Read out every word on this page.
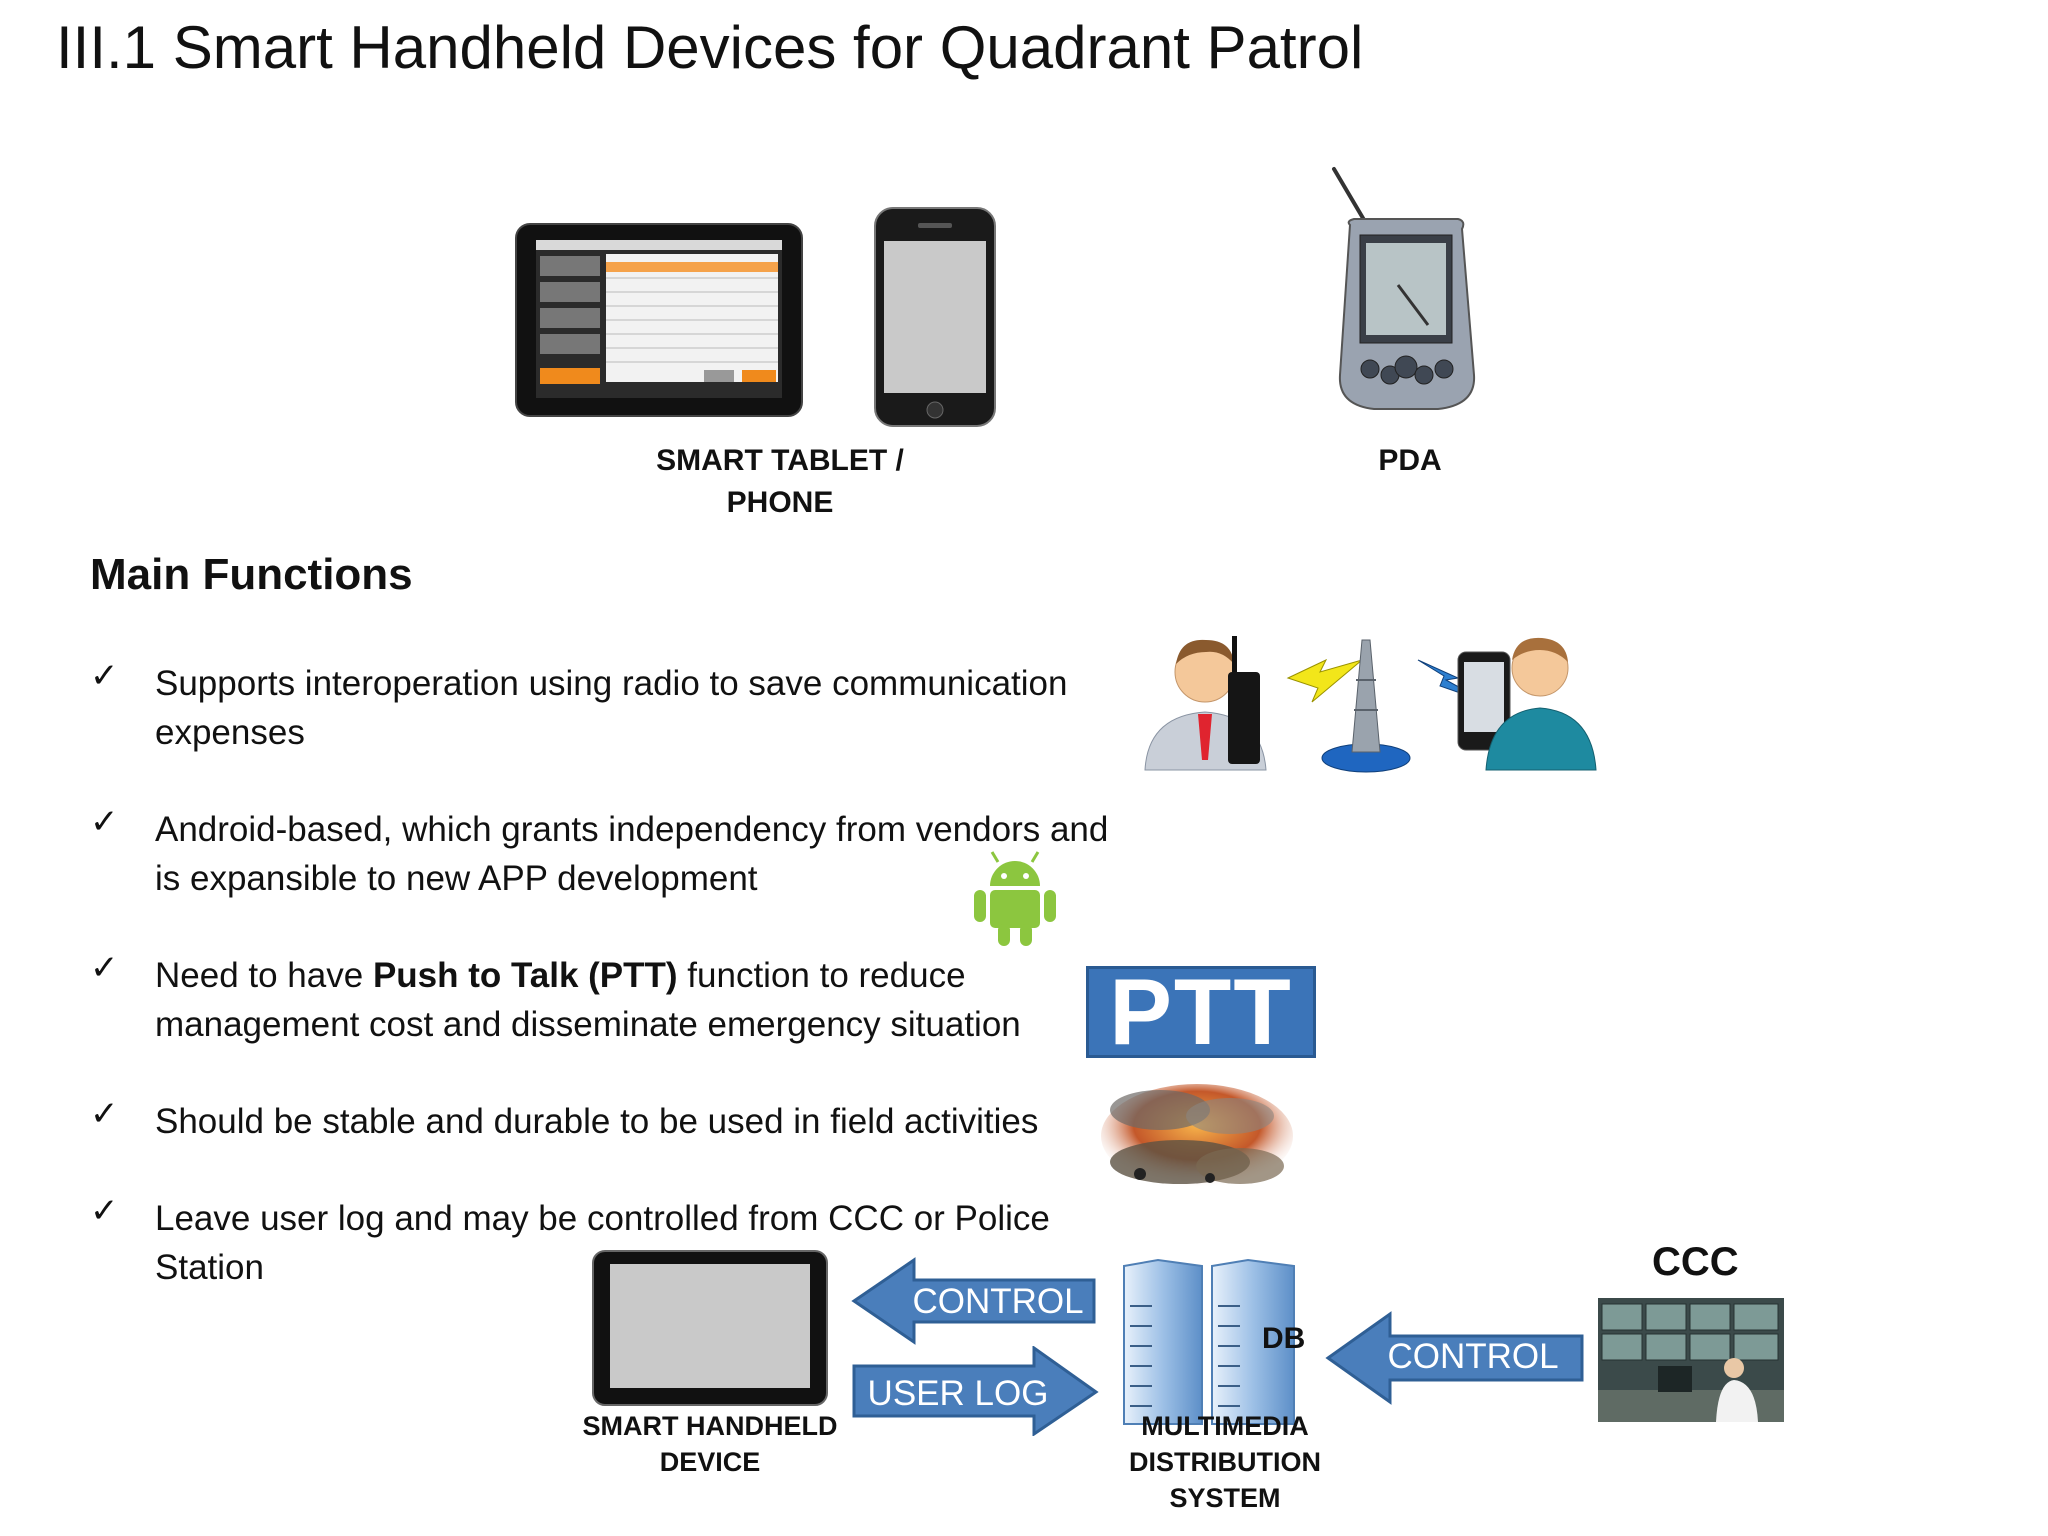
III.1 Smart Handheld Devices for Quadrant Patrol
SMART TABLET /
PHONE
PDA
Main Functions
✓ Supports interoperation using radio to save communication
expenses
✓ Android-based, which grants independency from vendors and
is expansible to new APP development
✓ Need to have Push to Talk (PTT) function to reduce
management cost and disseminate emergency situation
✓ Should be stable and durable to be used in field activities
✓ Leave user log and may be controlled from CCC or Police
Station
PTT
SMART HANDHELD
DEVICE
CONTROL
USER LOG
DB
MULTIMEDIA
DISTRIBUTION
SYSTEM
CONTROL
CCC
